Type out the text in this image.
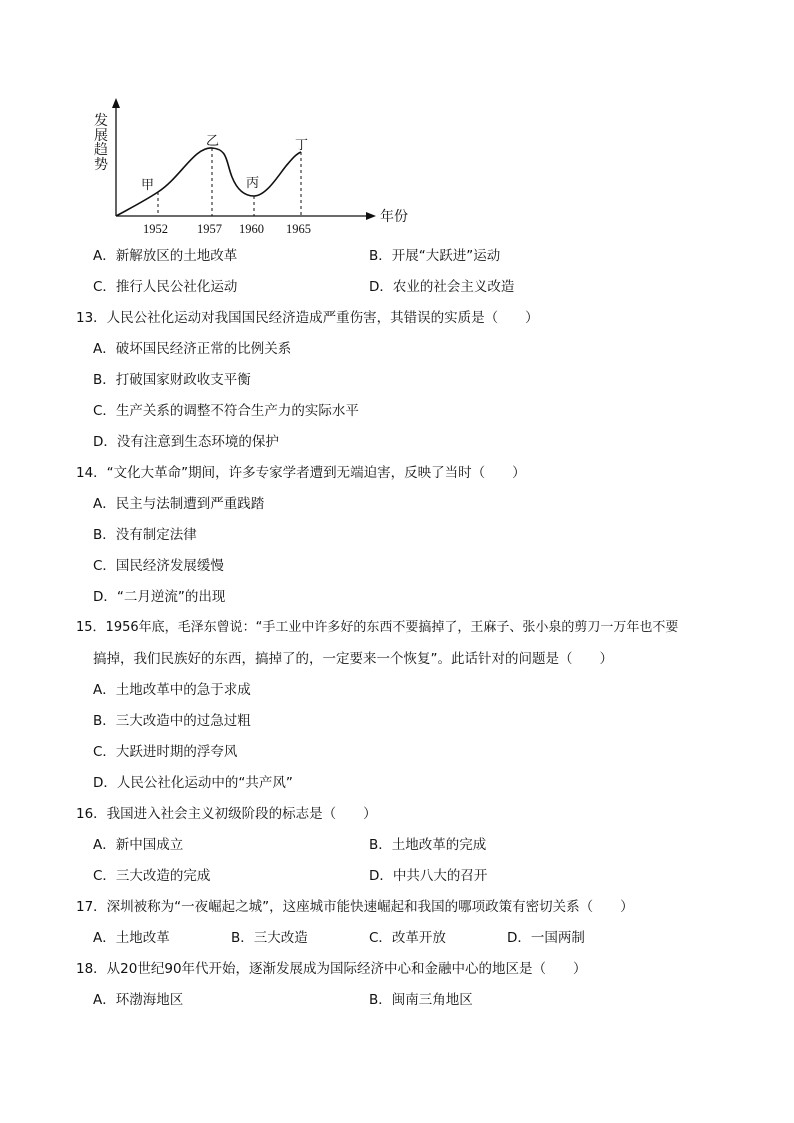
发
展
趋
势
甲
乙
丙
丁
1952 1957 1960 1965
年份
A．新解放区的土地改革	B．开展“大跃进”运动
C．推行人民公社化运动	D．农业的社会主义改造
13．人民公社化运动对我国国民经济造成严重伤害，其错误的实质是（　　）
A．破坏国民经济正常的比例关系
B．打破国家财政收支平衡
C．生产关系的调整不符合生产力的实际水平
D．没有注意到生态环境的保护
14．“文化大革命”期间，许多专家学者遭到无端迫害，反映了当时（　　）
A．民主与法制遭到严重践踏
B．没有制定法律
C．国民经济发展缓慢
D．“二月逆流”的出现
15．1956年底，毛泽东曾说：“手工业中许多好的东西不要搞掉了，王麻子、张小泉的剪刀一万年也不要
搞掉，我们民族好的东西，搞掉了的，一定要来一个恢复”。此话针对的问题是（　　）
A．土地改革中的急于求成
B．三大改造中的过急过粗
C．大跃进时期的浮夸风
D．人民公社化运动中的“共产风”
16．我国进入社会主义初级阶段的标志是（　　）
A．新中国成立	B．土地改革的完成
C．三大改造的完成	D．中共八大的召开
17．深圳被称为“一夜崛起之城”，这座城市能快速崛起和我国的哪项政策有密切关系（　　）
A．土地改革	B．三大改造	C．改革开放	D．一国两制
18．从20世纪90年代开始，逐渐发展成为国际经济中心和金融中心的地区是（　　）
A．环渤海地区	B．闽南三角地区
